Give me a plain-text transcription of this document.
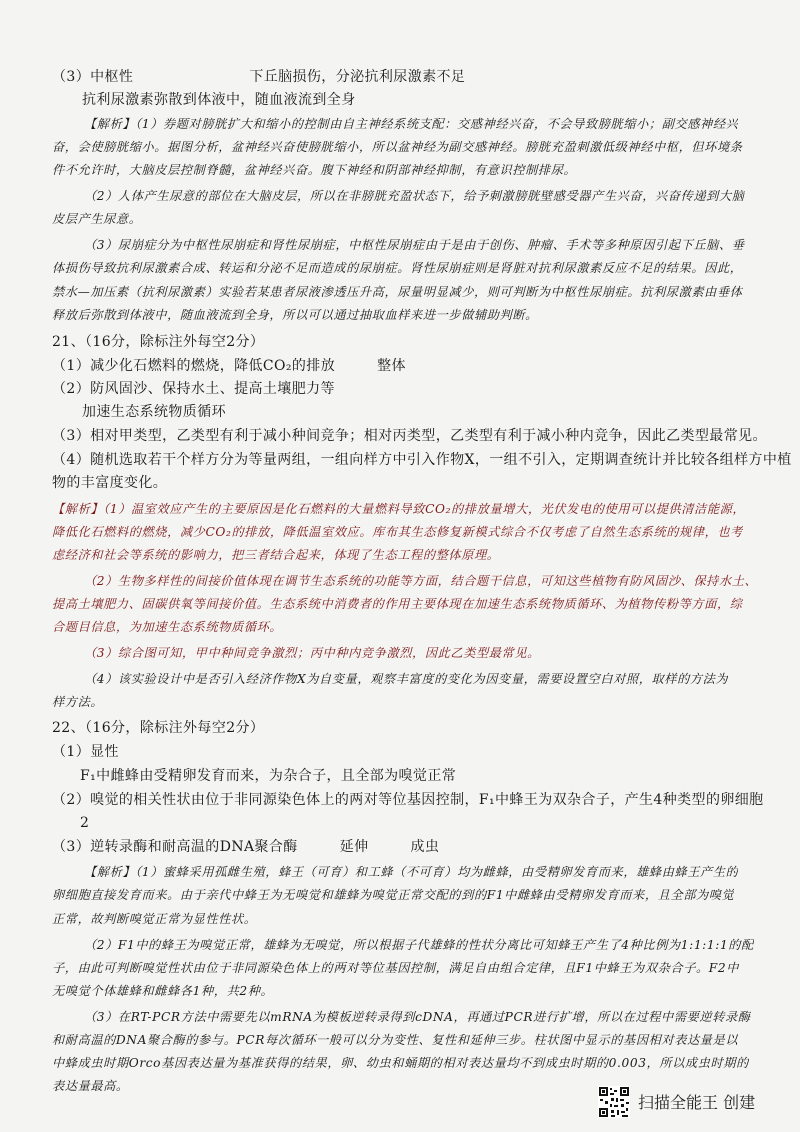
（3）中枢性	下丘脑损伤，分泌抗利尿激素不足
抗利尿激素弥散到体液中，随血液流到全身
【解析】（1）券题对膀胱扩大和缩小的控制由自主神经系统支配：交感神经兴奋，不会导致膀胱缩小；副交感神经兴
奋，会使膀胱缩小。据图分析，盆神经兴奋使膀胱缩小，所以盆神经为副交感神经。膀胱充盈刺激低级神经中枢，但环境条
件不允许时，大脑皮层控制脊髓，盆神经兴奋。腹下神经和阴部神经抑制，有意识控制排尿。
（2）人体产生尿意的部位在大脑皮层，所以在非膀胱充盈状态下，给予刺激膀胱壁感受器产生兴奋，兴奋传递到大脑
皮层产生尿意。
（3）尿崩症分为中枢性尿崩症和肾性尿崩症，中枢性尿崩症由于是由于创伤、肿瘤、手术等多种原因引起下丘脑、垂
体损伤导致抗利尿激素合成、转运和分泌不足而造成的尿崩症。肾性尿崩症则是肾脏对抗利尿激素反应不足的结果。因此，
禁水—加压素（抗利尿激素）实验若某患者尿液渗透压升高，尿量明显减少，则可判断为中枢性尿崩症。抗利尿激素由垂体
释放后弥散到体液中，随血液流到全身，所以可以通过抽取血样来进一步做辅助判断。
21、（16分，除标注外每空2分）
（1）减少化石燃料的燃烧，降低CO₂的排放	整体
（2）防风固沙、保持水土、提高土壤肥力等
加速生态系统物质循环
（3）相对甲类型，乙类型有利于减小种间竞争；相对丙类型，乙类型有利于减小种内竞争，因此乙类型最常见。
（4）随机选取若干个样方分为等量两组，一组向样方中引入作物X，一组不引入，定期调查统计并比较各组样方中植
物的丰富度变化。
【解析】（1）温室效应产生的主要原因是化石燃料的大量燃料导致CO₂的排放量增大，光伏发电的使用可以提供清洁能源，
降低化石燃料的燃烧，减少CO₂的排放，降低温室效应。库布其生态修复新模式综合不仅考虑了自然生态系统的规律，也考
虑经济和社会等系统的影响力，把三者结合起来，体现了生态工程的整体原理。
（2）生物多样性的间接价值体现在调节生态系统的功能等方面，结合题干信息，可知这些植物有防风固沙、保持水土、
提高土壤肥力、固碳供氧等间接价值。生态系统中消费者的作用主要体现在加速生态系统物质循环、为植物传粉等方面，综
合题目信息，为加速生态系统物质循环。
（3）综合图可知，甲中种间竞争激烈；丙中种内竞争激烈，因此乙类型最常见。
（4）该实验设计中是否引入经济作物X为自变量，观察丰富度的变化为因变量，需要设置空白对照，取样的方法为
样方法。
22、（16分，除标注外每空2分）
（1）显性
F₁中雌蜂由受精卵发育而来，为杂合子，且全部为嗅觉正常
（2）嗅觉的相关性状由位于非同源染色体上的两对等位基因控制，F₁中蜂王为双杂合子，产生4种类型的卵细胞
2
（3）逆转录酶和耐高温的DNA聚合酶	延伸	成虫
【解析】（1）蜜蜂采用孤雌生殖，蜂王（可育）和工蜂（不可育）均为雌蜂，由受精卵发育而来，雄蜂由蜂王产生的
卵细胞直接发育而来。由于亲代中蜂王为无嗅觉和雄蜂为嗅觉正常交配的到的F1中雌蜂由受精卵发育而来，且全部为嗅觉
正常，故判断嗅觉正常为显性性状。
（2）F1中的蜂王为嗅觉正常，雄蜂为无嗅觉，所以根据子代雄蜂的性状分离比可知蜂王产生了4种比例为1:1:1:1的配
子，由此可判断嗅觉性状由位于非同源染色体上的两对等位基因控制，满足自由组合定律，且F1中蜂王为双杂合子。F2中
无嗅觉个体雄蜂和雌蜂各1种，共2种。
（3）在RT-PCR方法中需要先以mRNA为模板逆转录得到cDNA，再通过PCR进行扩增，所以在过程中需要逆转录酶
和耐高温的DNA聚合酶的参与。PCR每次循环一般可以分为变性、复性和延伸三步。柱状图中显示的基因相对表达量是以
中蜂成虫时期Orco基因表达量为基准获得的结果，卵、幼虫和蛹期的相对表达量均不到成虫时期的0.003，所以成虫时期的
表达量最高。
扫描全能王 创建
